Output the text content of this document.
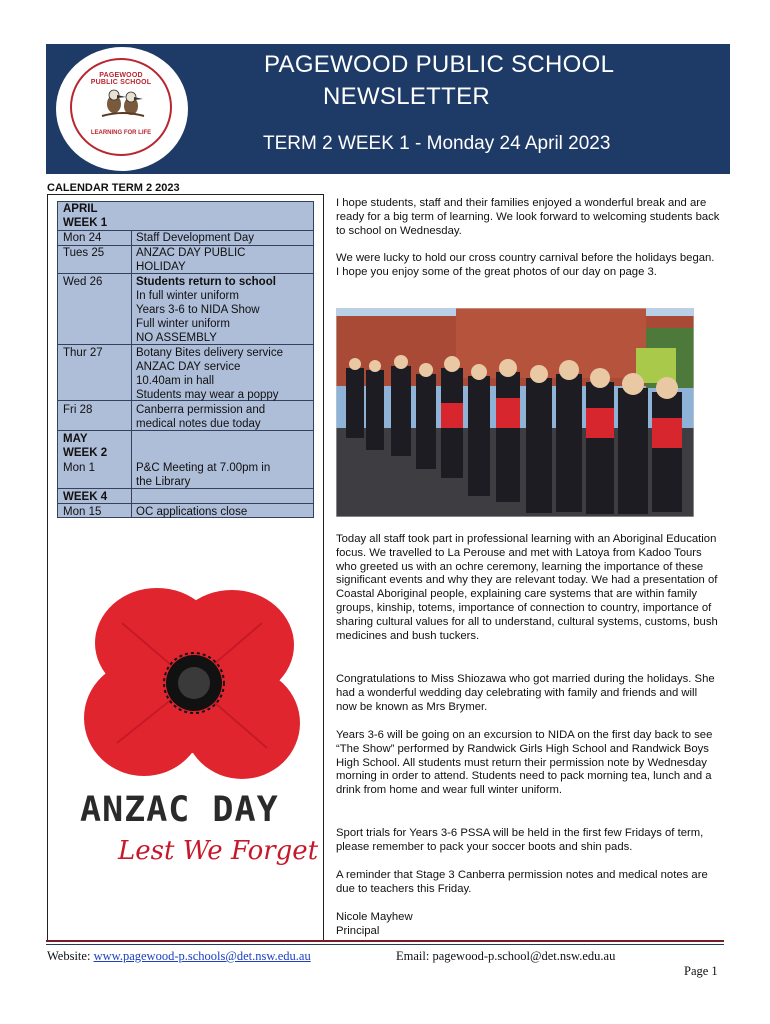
PAGEWOOD PUBLIC SCHOOL
LEARNING FOR LIFE
PAGEWOOD PUBLIC SCHOOL
NEWSLETTER
TERM 2 WEEK 1 - Monday 24 April 2023
CALENDAR TERM 2 2023
APRIL
WEEK 1
Mon 24	Staff Development Day
Tues 25	ANZAC DAY PUBLIC
HOLIDAY
Wed 26	Students return to school
In full winter uniform
Years 3-6 to NIDA Show
Full winter uniform
NO ASSEMBLY
Thur 27	Botany Bites delivery service
ANZAC DAY service
10.40am in hall
Students may wear a poppy
Fri 28	Canberra permission and
medical notes due today
MAY
WEEK 2
Mon 1	P&C Meeting at 7.00pm in
the Library
WEEK 4
Mon 15	OC applications close
ANZAC DAY
Lest We Forget
I hope students, staff and their families enjoyed a wonderful break and are ready for a big term of learning. We look forward to welcoming students back to school on Wednesday.
We were lucky to hold our cross country carnival before the holidays began. I hope you enjoy some of the great photos of our day on page 3.
Today all staff took part in professional learning with an Aboriginal Education focus. We travelled to La Perouse and met with Latoya from Kadoo Tours who greeted us with an ochre ceremony, learning the importance of these significant events and why they are relevant today. We had a presentation of Coastal Aboriginal people, explaining care systems that are within family groups, kinship, totems, importance of connection to country, importance of sharing cultural values for all to understand, cultural systems, customs, bush medicines and bush tuckers.
Congratulations to Miss Shiozawa who got married during the holidays. She had a wonderful wedding day celebrating with family and friends and will now be known as Mrs Brymer.
Years 3-6 will be going on an excursion to NIDA on the first day back to see “The Show” performed by Randwick Girls High School and Randwick Boys High School. All students must return their permission note by Wednesday morning in order to attend. Students need to pack morning tea, lunch and a drink from home and wear full winter uniform.
Sport trials for Years 3-6 PSSA will be held in the first few Fridays of term, please remember to pack your soccer boots and shin pads.
A reminder that Stage 3 Canberra permission notes and medical notes are due to teachers this Friday.
Nicole Mayhew
Principal
Website: www.pagewood-p.schools@det.nsw.edu.au	Email: pagewood-p.school@det.nsw.edu.au
Page 1
